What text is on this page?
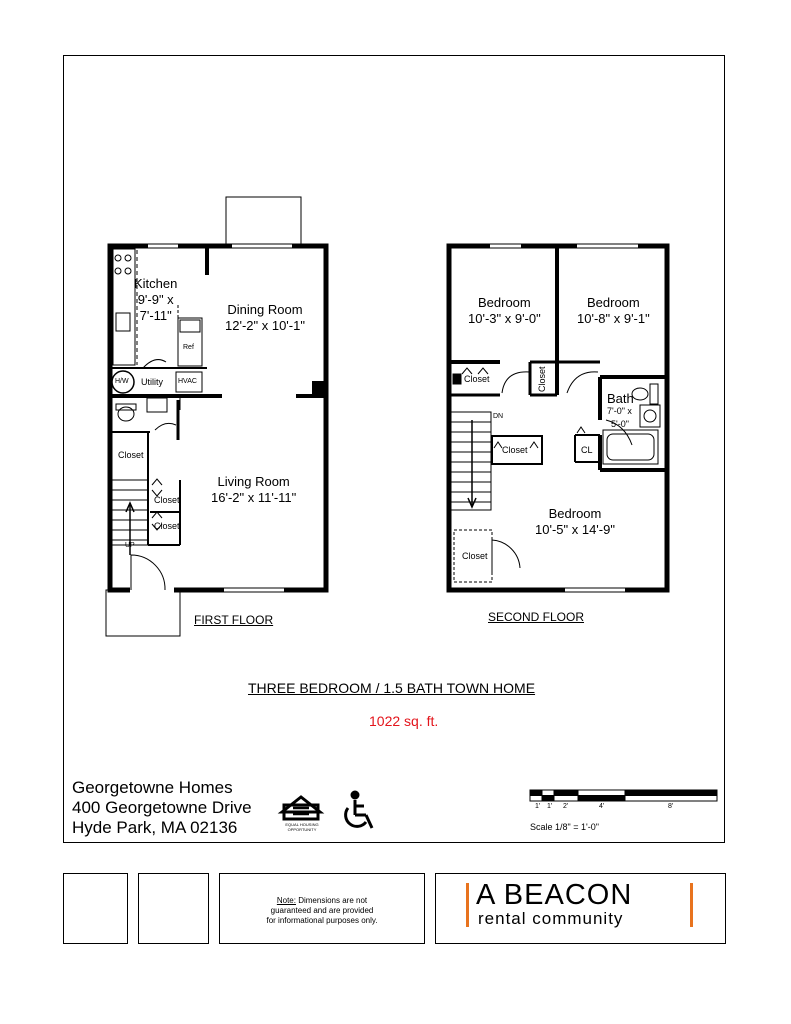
Kitchen
9'-9" x
7'-11"	Dining Room
12'-2" x 10'-1"
Living Room
16'-2" x 11'-11"
Ref
H/W Utility HVAC
Closet
Closet
Closet
UP
FIRST FLOOR
Bedroom
10'-3" x 9'-0"
Bedroom
10'-8" x 9'-1"
Bedroom
10'-5" x 14'-9"
Bath
7'-0" x
5'-0"
Closet	Closet
Closet
Closet
CL
DN
SECOND FLOOR
THREE BEDROOM / 1.5 BATH TOWN HOME
1022 sq. ft.
Georgetowne Homes
400 Georgetowne Drive
Hyde Park, MA 02136	EQUAL HOUSING OPPORTUNITY
1' 1' 2'	4'	8'
Scale 1/8" = 1'-0"
Note: Dimensions are not
guaranteed and are provided
for informational purposes only.
A BEACON
rental community
